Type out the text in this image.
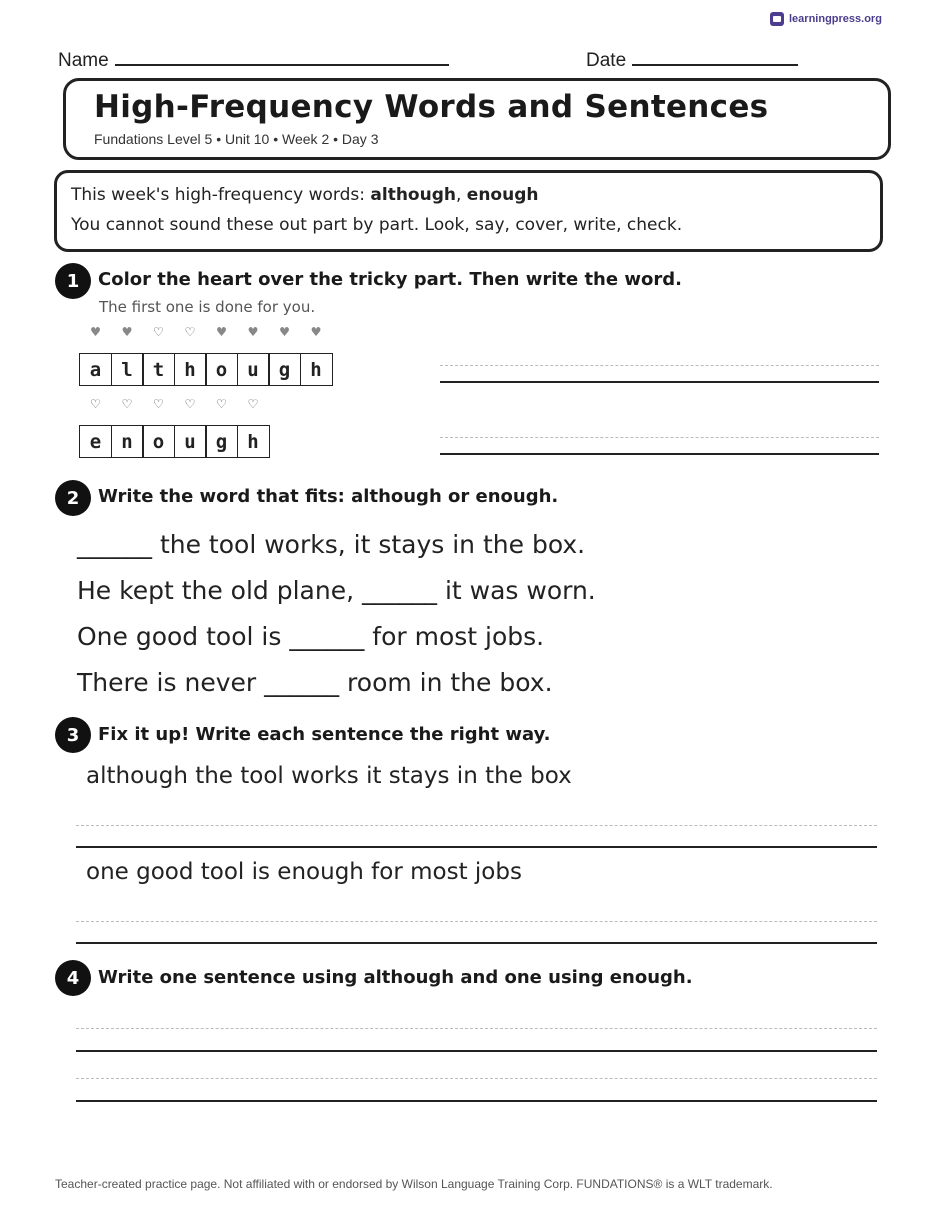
learningpress.org
Name	Date
High-Frequency Words and Sentences
Fundations Level 5 • Unit 10 • Week 2 • Day 3
This week's high-frequency words: although, enough
You cannot sound these out part by part. Look, say, cover, write, check.
1	Color the heart over the tricky part. Then write the word.
The first one is done for you.
♥
a
♥
l
♡
t
♡
h
♥
o
♥
u
♥
g
♥
h
♡
e
♡
n
♡
o
♡
u
♡
g
♡
h
2	Write the word that fits: although or enough.
______ the tool works, it stays in the box.
He kept the old plane, ______ it was worn.
One good tool is ______ for most jobs.
There is never ______ room in the box.
3	Fix it up! Write each sentence the right way.
although the tool works it stays in the box
one good tool is enough for most jobs
4	Write one sentence using although and one using enough.
Teacher-created practice page. Not affiliated with or endorsed by Wilson Language Training Corp. FUNDATIONS® is a WLT trademark.
